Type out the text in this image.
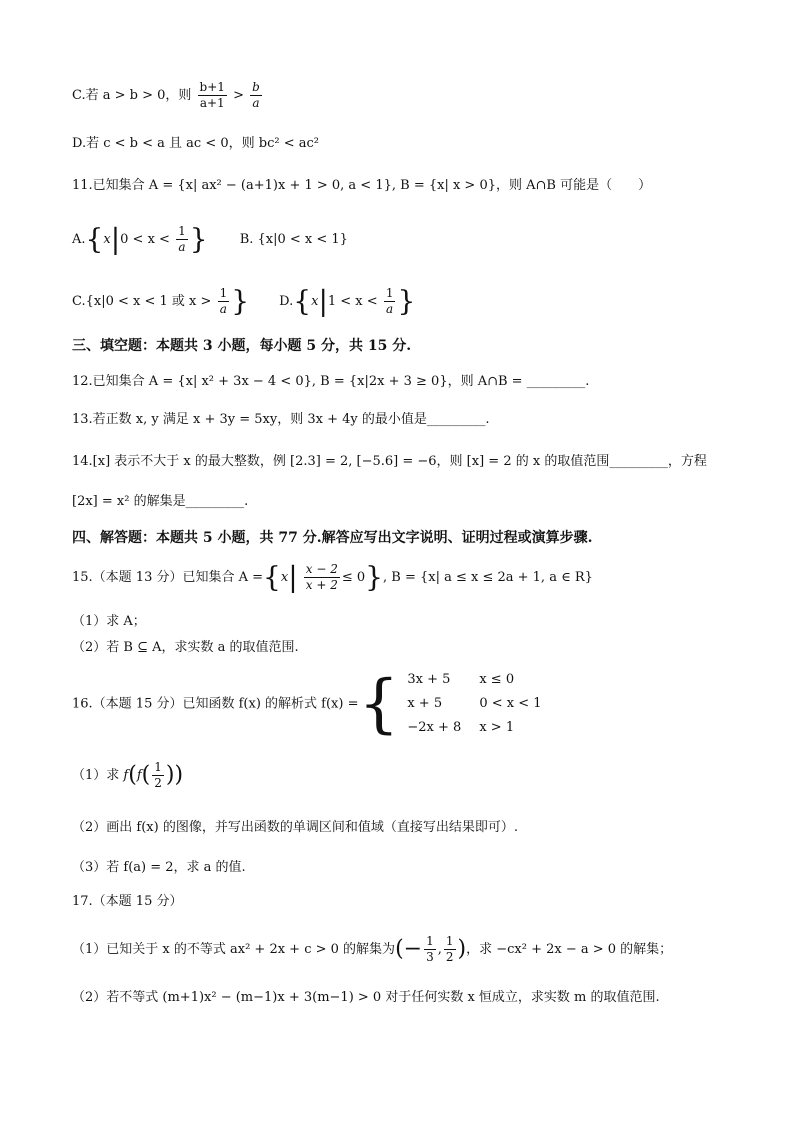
C.若 a > b > 0，则 $\frac{b+1}{a+1} > \frac{b}{a}$
D.若 c < b < a 且 ac < 0，则 bc² < ac²
11.已知集合 A = {x| ax² − (a+1)x + 1 > 0, a < 1}, B = {x| x > 0}，则 A∩B 可能是（　　）
$A.\{x|0 < x < \frac{1}{a}$ } B. {x|0 < x < 1}
C.{x|0 < x < 1 或 $x > \frac{1}{a}$ } $D.\{x|1 < x < \frac{1}{a}$ }
三、填空题：本题共 3 小题，每小题 5 分，共 15 分.
12.已知集合 A = {x| x² + 3x − 4 < 0}, B = {x|2x + 3 ≥ 0}，则 A∩B = _________.
13.若正数 x, y 满足 x + 3y = 5xy，则 3x + 4y 的最小值是_________.
14.[x] 表示不大于 x 的最大整数，例 [2.3] = 2, [−5.6] = −6，则 [x] = 2 的 x 的取值范围_________，方程
[2x] = x² 的解集是_________.
四、解答题：本题共 5 小题，共 77 分.解答应写出文字说明、证明过程或演算步骤.
15.（本题 13 分）已知集合 $A =\{x| \frac{x - 2}{x + 2} \le 0\}$, B = {x| a ≤ x ≤ 2a + 1, a ∈ R}
（1）求 A；
（2）若 B ⊆ A，求实数 a 的取值范围.
16.（本题 15 分）已知函数 f(x) 的解析式 f(x) ={ 3x + 5	x ≤ 0
x + 5	0 < x < 1
−2x + 8	x > 1
（1）求 $f(f( \frac{1}{2}$ ))
（2）画出 f(x) 的图像，并写出函数的单调区间和值域（直接写出结果即可）.
（3）若 f(a) = 2，求 a 的值.
17.（本题 15 分）
（1）已知关于 x 的不等式 ax² + 2x + c > 0 的解集为(− $\frac{1}{3}$ , $\frac{1}{2}$ )，求 −cx² + 2x − a > 0 的解集；
（2）若不等式 (m+1)x² − (m−1)x + 3(m−1) > 0 对于任何实数 x 恒成立，求实数 m 的取值范围.
